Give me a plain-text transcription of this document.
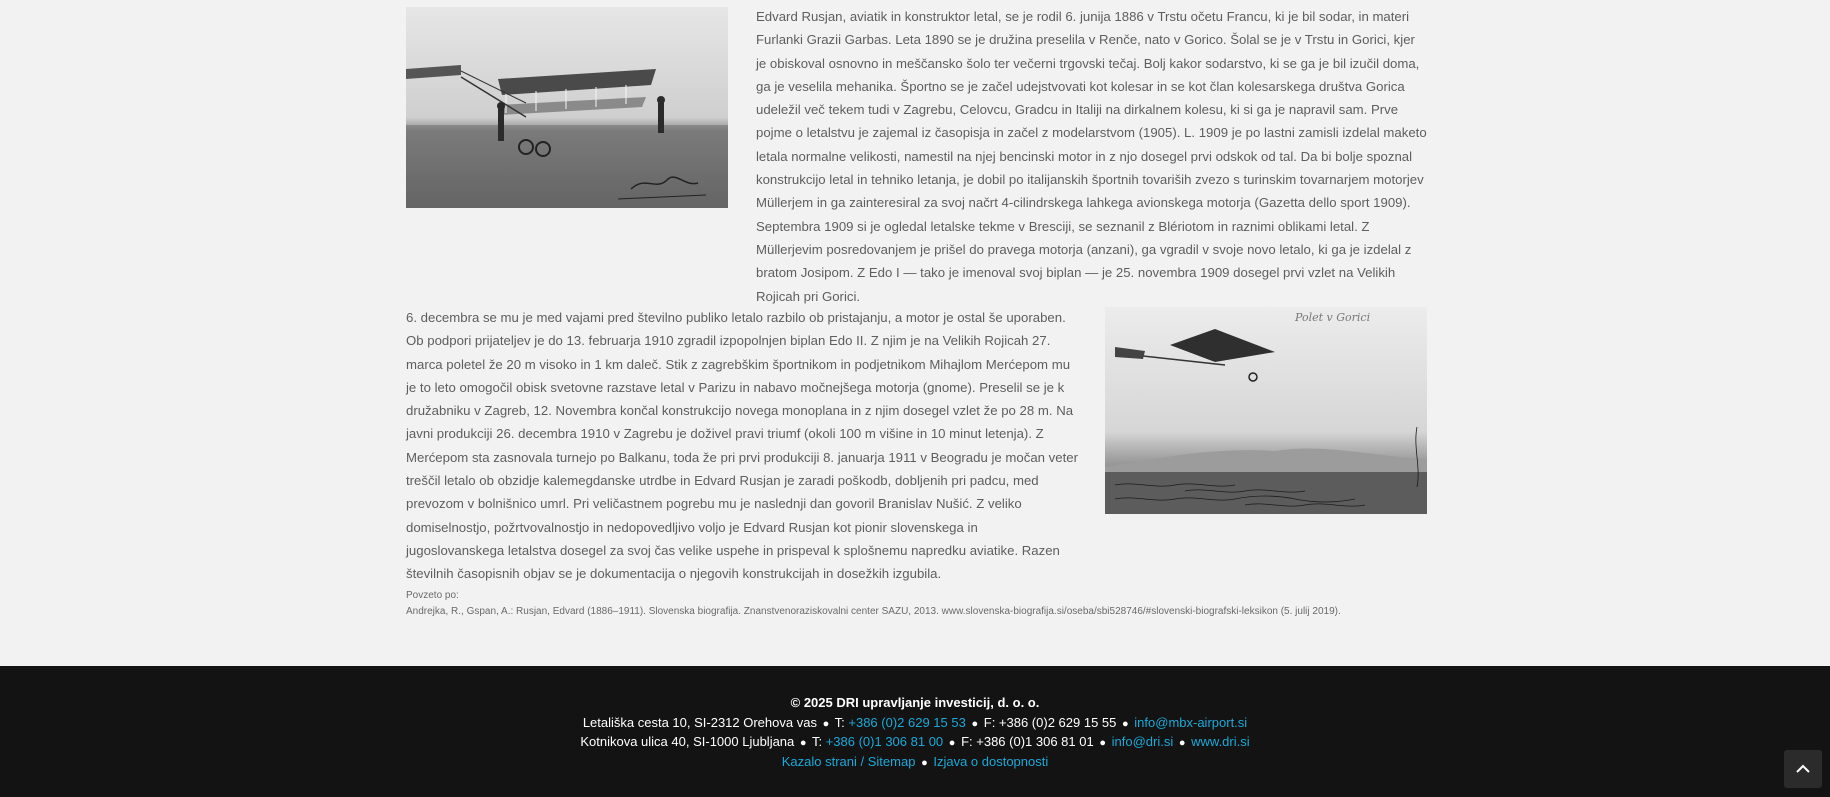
Edvard Rusjan, aviatik in konstruktor letal, se je rodil 6. junija 1886 v Trstu očetu Francu, ki je bil sodar, in materi Furlanki Grazii Garbas. Leta 1890 se je družina preselila v Renče, nato v Gorico. Šolal se je v Trstu in Gorici, kjer je obiskoval osnovno in meščansko šolo ter večerni trgovski tečaj. Bolj kakor sodarstvo, ki se ga je bil izučil doma, ga je veselila mehanika. Športno se je začel udejstvovati kot kolesar in se kot član kolesarskega društva Gorica udeležil več tekem tudi v Zagrebu, Celovcu, Gradcu in Italiji na dirkalnem kolesu, ki si ga je napravil sam. Prve pojme o letalstvu je zajemal iz časopisja in začel z modelarstvom (1905). L. 1909 je po lastni zamisli izdelal maketo letala normalne velikosti, namestil na njej bencinski motor in z njo dosegel prvi odskok od tal. Da bi bolje spoznal konstrukcijo letal in tehniko letanja, je dobil po italijanskih športnih tovariših zvezo s turinskim tovarnarjem motorjev Müllerjem in ga zainteresiral za svoj načrt 4-cilindrskega lahkega avionskega motorja (Gazetta dello sport 1909). Septembra 1909 si je ogledal letalske tekme v Bresciji, se seznanil z Blériotom in raznimi oblikami letal. Z Müllerjevim posredovanjem je prišel do pravega motorja (anzani), ga vgradil v svoje novo letalo, ki ga je izdelal z bratom Josipom. Z Edo I — tako je imenoval svoj biplan — je 25. novembra 1909 dosegel prvi vzlet na Velikih Rojicah pri Gorici.

6. decembra se mu je med vajami pred številno publiko letalo razbilo ob pristajanju, a motor je ostal še uporaben. Ob podpori prijateljev je do 13. februarja 1910 zgradil izpopolnjen biplan Edo II. Z njim je na Velikih Rojicah 27. marca poletel že 20 m visoko in 1 km daleč. Stik z zagrebškim športnikom in podjetnikom Mihajlom Merćepom mu je to leto omogočil obisk svetovne razstave letal v Parizu in nabavo močnejšega motorja (gnome). Preselil se je k družabniku v Zagreb, 12. Novembra končal konstrukcijo novega monoplana in z njim dosegel vzlet že po 28 m. Na javni produkciji 26. decembra 1910 v Zagrebu je doživel pravi triumf (okoli 100 m višine in 10 minut letenja). Z Merćepom sta zasnovala turnejo po Balkanu, toda že pri prvi produkciji 8. januarja 1911 v Beogradu je močan veter treščil letalo ob obzidje kalemegdanske utrdbe in Edvard Rusjan je zaradi poškodb, dobljenih pri padcu, med prevozom v bolnišnico umrl. Pri veličastnem pogrebu mu je naslednji dan govoril Branislav Nušić. Z veliko domiselnostjo, požrtvovalnostjo in nedopovedljivo voljo je Edvard Rusjan kot pionir slovenskega in jugoslovanskega letalstva dosegel za svoj čas velike uspehe in prispeval k splošnemu napredku aviatike. Razen številnih časopisnih objav se je dokumentacija o njegovih konstrukcijah in dosežkih izgubila.

Polet v Gorici
Povzeto po:
Andrejka, R., Gspan, A.: Rusjan, Edvard (1886–1911). Slovenska biografija. Znanstvenoraziskovalni center SAZU, 2013. www.slovenska-biografija.si/oseba/sbi528746/#slovenski-biografski-leksikon (5. julij 2019).
© 2025 DRI upravljanje investicij, d. o. o.
Letališka cesta 10, SI-2312 Orehova vas ● T: +386 (0)2 629 15 53 ● F: +386 (0)2 629 15 55 ● info@mbx-airport.si
Kotnikova ulica 40, SI-1000 Ljubljana ● T: +386 (0)1 306 81 00 ● F: +386 (0)1 306 81 01 ● info@dri.si ● www.dri.si
Kazalo strani / Sitemap ● Izjava o dostopnosti
